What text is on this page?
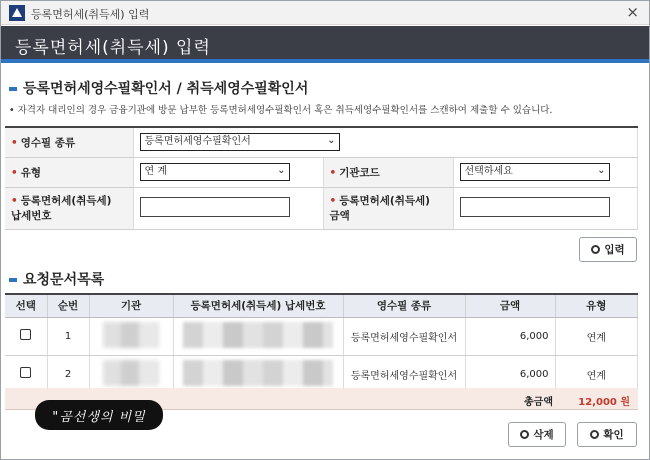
등록면허세(취득세) 입력	×
등록면허세(취득세) 입력
등록면허세영수필확인서 / 취득세영수필확인서
• 자격자 대리인의 경우 금융기관에 방문 납부한 등록면허세영수필확인서 혹은 취득세영수필확인서를 스캔하여 제출할 수 있습니다.
• 영수필 종류	등록면허세영수필확인서 ⌄		

• 유형	연 계 ⌄	• 기관코드	선택하세요 ⌄

• 등록면허세(취득세)
납세번호		• 등록면허세(취득세)
금액	
입력
요청문서목록
선택	순번	기관	등록면허세(취득세) 납세번호	영수필 종류	금액	유형
	1			등록면허세영수필확인서	6,000	연계
	2			등록면허세영수필확인서	6,000	연계
총금액	12,000 원
삭제	확인
"곰선생의 비밀
